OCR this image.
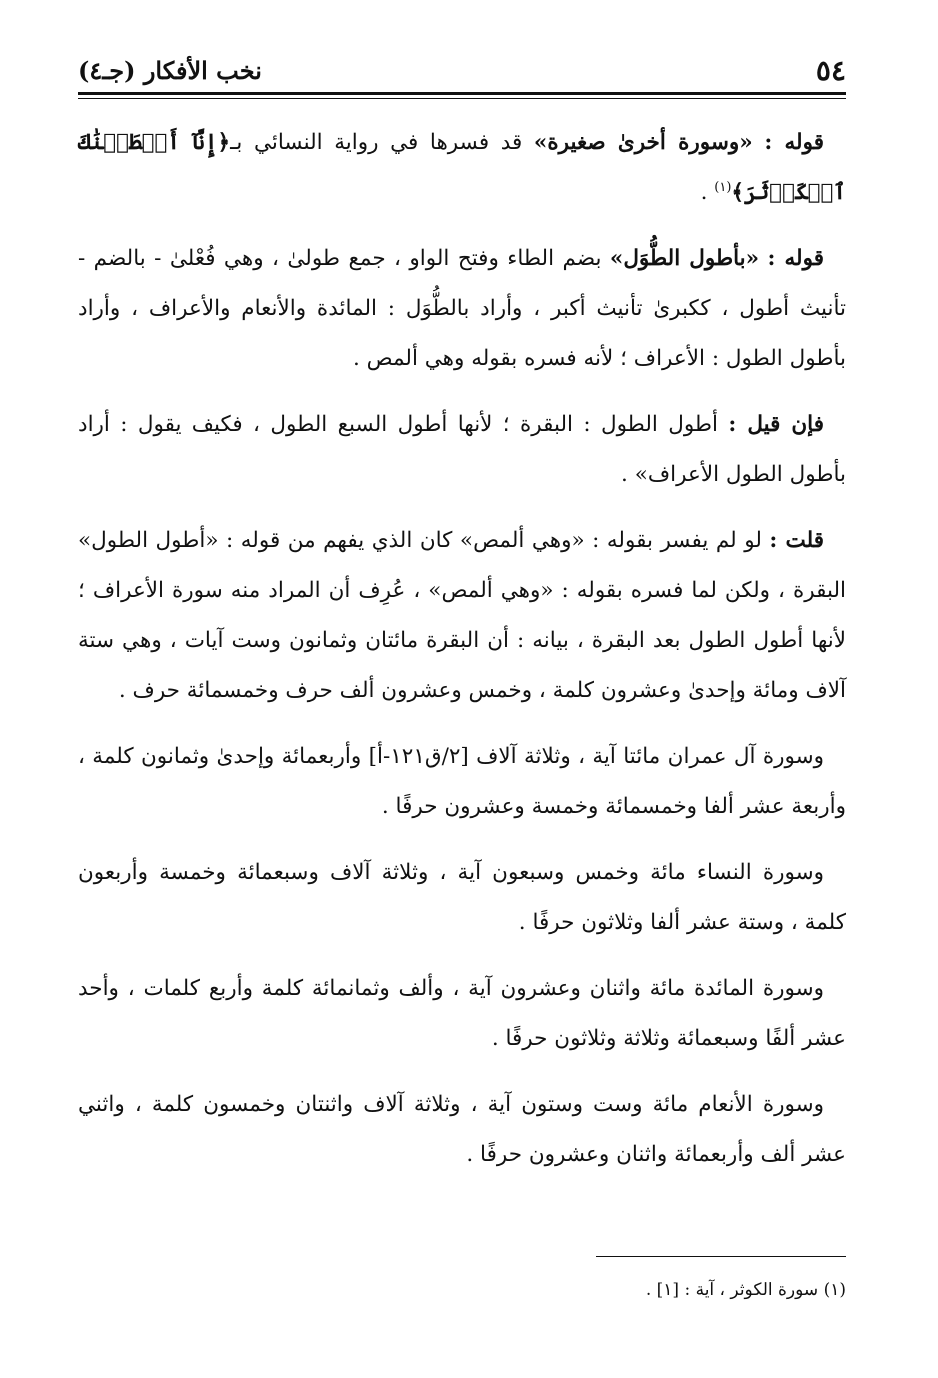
٥٤
نخب الأفكار (جـ٤)

قوله : «وسورة أخرىٰ صغيرة» قد فسرها في رواية النسائي بـ﴿إِنَّآ أَعۡطَيۡنَٰكَ ٱلۡكَوۡثَرَ﴾$^{(١)}$ .

قوله : «بأطول الطُّوَل» بضم الطاء وفتح الواو ، جمع طولىٰ ، وهي فُعْلىٰ - بالضم - تأنيث أطول ، ككبرىٰ تأنيث أكبر ، وأراد بالطُّوَل : المائدة والأنعام والأعراف ، وأراد بأطول الطول : الأعراف ؛ لأنه فسره بقوله وهي ألمص .

فإن قيل : أطول الطول : البقرة ؛ لأنها أطول السبع الطول ، فكيف يقول : أراد بأطول الطول الأعراف» .

قلت : لو لم يفسر بقوله : «وهي ألمص» كان الذي يفهم من قوله : «أطول الطول» البقرة ، ولكن لما فسره بقوله : «وهي ألمص» ، عُرِف أن المراد منه سورة الأعراف ؛ لأنها أطول الطول بعد البقرة ، بيانه : أن البقرة مائتان وثمانون وست آيات ، وهي ستة آلاف ومائة وإحدىٰ وعشرون كلمة ، وخمس وعشرون ألف حرف وخمسمائة حرف .

وسورة آل عمران مائتا آية ، وثلاثة آلاف [٢/ق١٢١-أ] وأربعمائة وإحدىٰ وثمانون كلمة ، وأربعة عشر ألفا وخمسمائة وخمسة وعشرون حرفًا .

وسورة النساء مائة وخمس وسبعون آية ، وثلاثة آلاف وسبعمائة وخمسة وأربعون كلمة ، وستة عشر ألفا وثلاثون حرفًا .

وسورة المائدة مائة واثنان وعشرون آية ، وألف وثمانمائة كلمة وأربع كلمات ، وأحد عشر ألفًا وسبعمائة وثلاثة وثلاثون حرفًا .

وسورة الأنعام مائة وست وستون آية ، وثلاثة آلاف واثنتان وخمسون كلمة ، واثني عشر ألف وأربعمائة واثنان وعشرون حرفًا .

(١) سورة الكوثر ، آية : [١] .
